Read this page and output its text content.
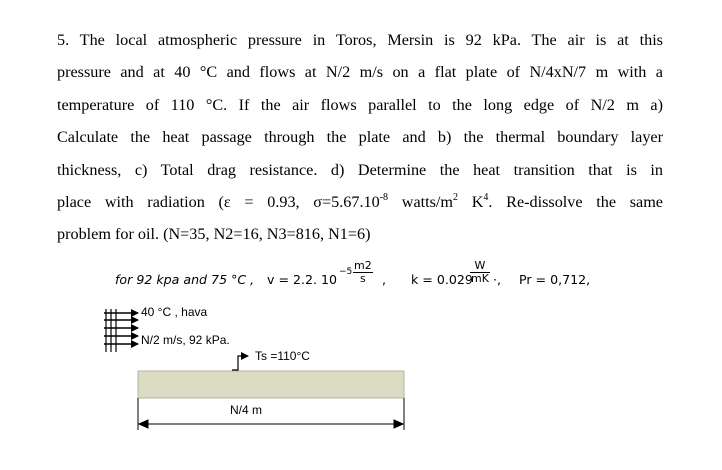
5. The local atmospheric pressure in Toros, Mersin is 92 kPa. The air is at this
pressure and at 40 °C and flows at N/2 m/s on a flat plate of N/4xN/7 m with a
temperature of 110 °C. If the air flows parallel to the long edge of N/2 m a)
Calculate the heat passage through the plate and b) the thermal boundary layer
thickness, c) Total drag resistance. d) Determine the heat transition that is in
place with radiation (ε = 0.93, $\sigma=5.67.10^{-8}$ watts/$m^2$ $K^4$. Re-dissolve the same
problem for oil. (N=35, N2=16, N3=816, N1=6)
for 92 kpa and 75 °C , v = 2.2. 10 −5 m2
s	, k = 0.029
W
mK ·, Pr = 0,712,
40 °C , hava
N/2 m/s, 92 kPa.
Ts =110°C
N/4 m
